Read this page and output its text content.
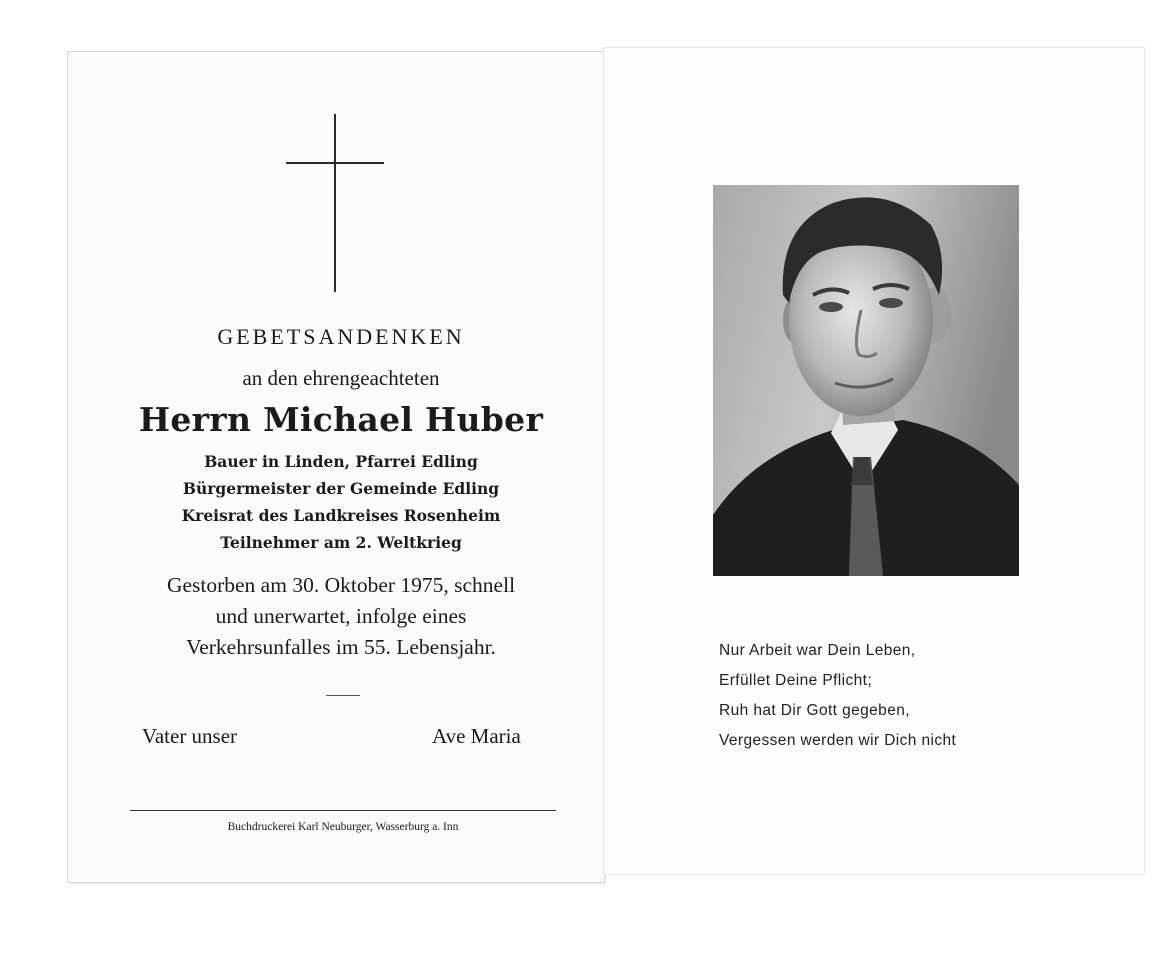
GEBETSANDENKEN
an den ehrengeachteten
Herrn Michael Huber
Bauer in Linden, Pfarrei Edling
Bürgermeister der Gemeinde Edling
Kreisrat des Landkreises Rosenheim
Teilnehmer am 2. Weltkrieg
Gestorben am 30. Oktober 1975, schnell
und unerwartet, infolge eines
Verkehrsunfalles im 55. Lebensjahr.
Vater unser	Ave Maria
Buchdruckerei Karl Neuburger, Wasserburg a. Inn
Nur Arbeit war Dein Leben,
Erfüllet Deine Pflicht;
Ruh hat Dir Gott gegeben,
Vergessen werden wir Dich nicht
